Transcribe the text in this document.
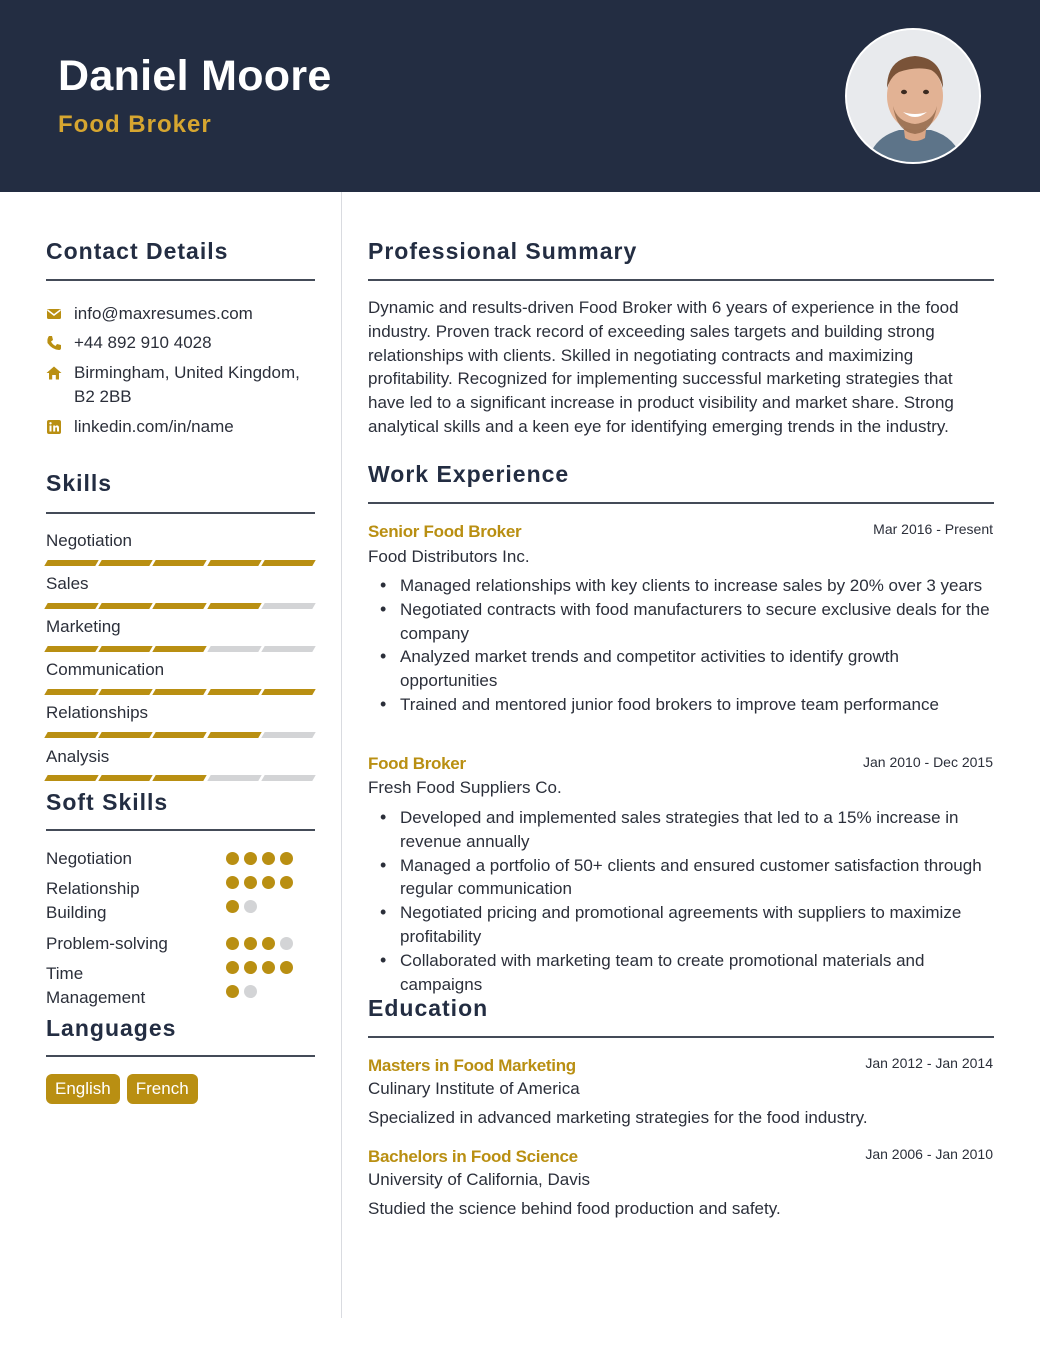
Daniel Moore
Food Broker
Contact Details
info@maxresumes.com
+44 892 910 4028
Birmingham, United Kingdom, B2 2BB
linkedin.com/in/name
Skills
Negotiation
Sales
Marketing
Communication
Relationships
Analysis
Soft Skills
Negotiation
Relationship Building
Problem-solving
Time Management
Languages
English	French
Professional Summary
Dynamic and results-driven Food Broker with 6 years of experience in the food industry. Proven track record of exceeding sales targets and building strong relationships with clients. Skilled in negotiating contracts and maximizing profitability. Recognized for implementing successful marketing strategies that have led to a significant increase in product visibility and market share. Strong analytical skills and a keen eye for identifying emerging trends in the industry.
Work Experience
Senior Food Broker	Mar 2016 - Present
Food Distributors Inc.
• Managed relationships with key clients to increase sales by 20% over 3 years
• Negotiated contracts with food manufacturers to secure exclusive deals for the company
• Analyzed market trends and competitor activities to identify growth opportunities
• Trained and mentored junior food brokers to improve team performance
Food Broker	Jan 2010 - Dec 2015
Fresh Food Suppliers Co.
• Developed and implemented sales strategies that led to a 15% increase in revenue annually
• Managed a portfolio of 50+ clients and ensured customer satisfaction through regular communication
• Negotiated pricing and promotional agreements with suppliers to maximize profitability
• Collaborated with marketing team to create promotional materials and campaigns
Education
Masters in Food Marketing	Jan 2012 - Jan 2014
Culinary Institute of America
Specialized in advanced marketing strategies for the food industry.
Bachelors in Food Science	Jan 2006 - Jan 2010
University of California, Davis
Studied the science behind food production and safety.
